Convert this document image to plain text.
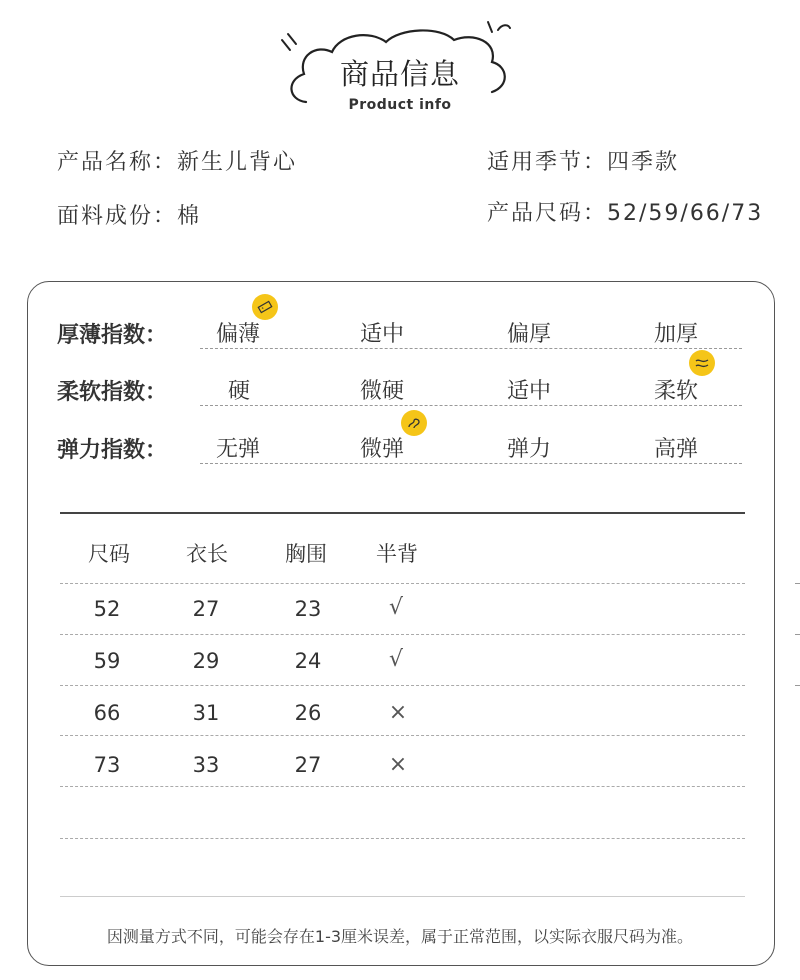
商品信息
Product info
产品名称：新生儿背心	适用季节：四季款
面料成份：棉	产品尺码：52/59/66/73
厚薄指数： 偏薄	适中	偏厚	加厚
柔软指数：	硬	微硬	适中	柔软
弹力指数： 无弹	微弹	弹力	高弹
尺码	衣长	胸围 半背
52	27	23	√
59	29	24	√
66	31	26	×
73	33	27	×
因测量方式不同，可能会存在1-3厘米误差，属于正常范围，以实际衣服尺码为准。
